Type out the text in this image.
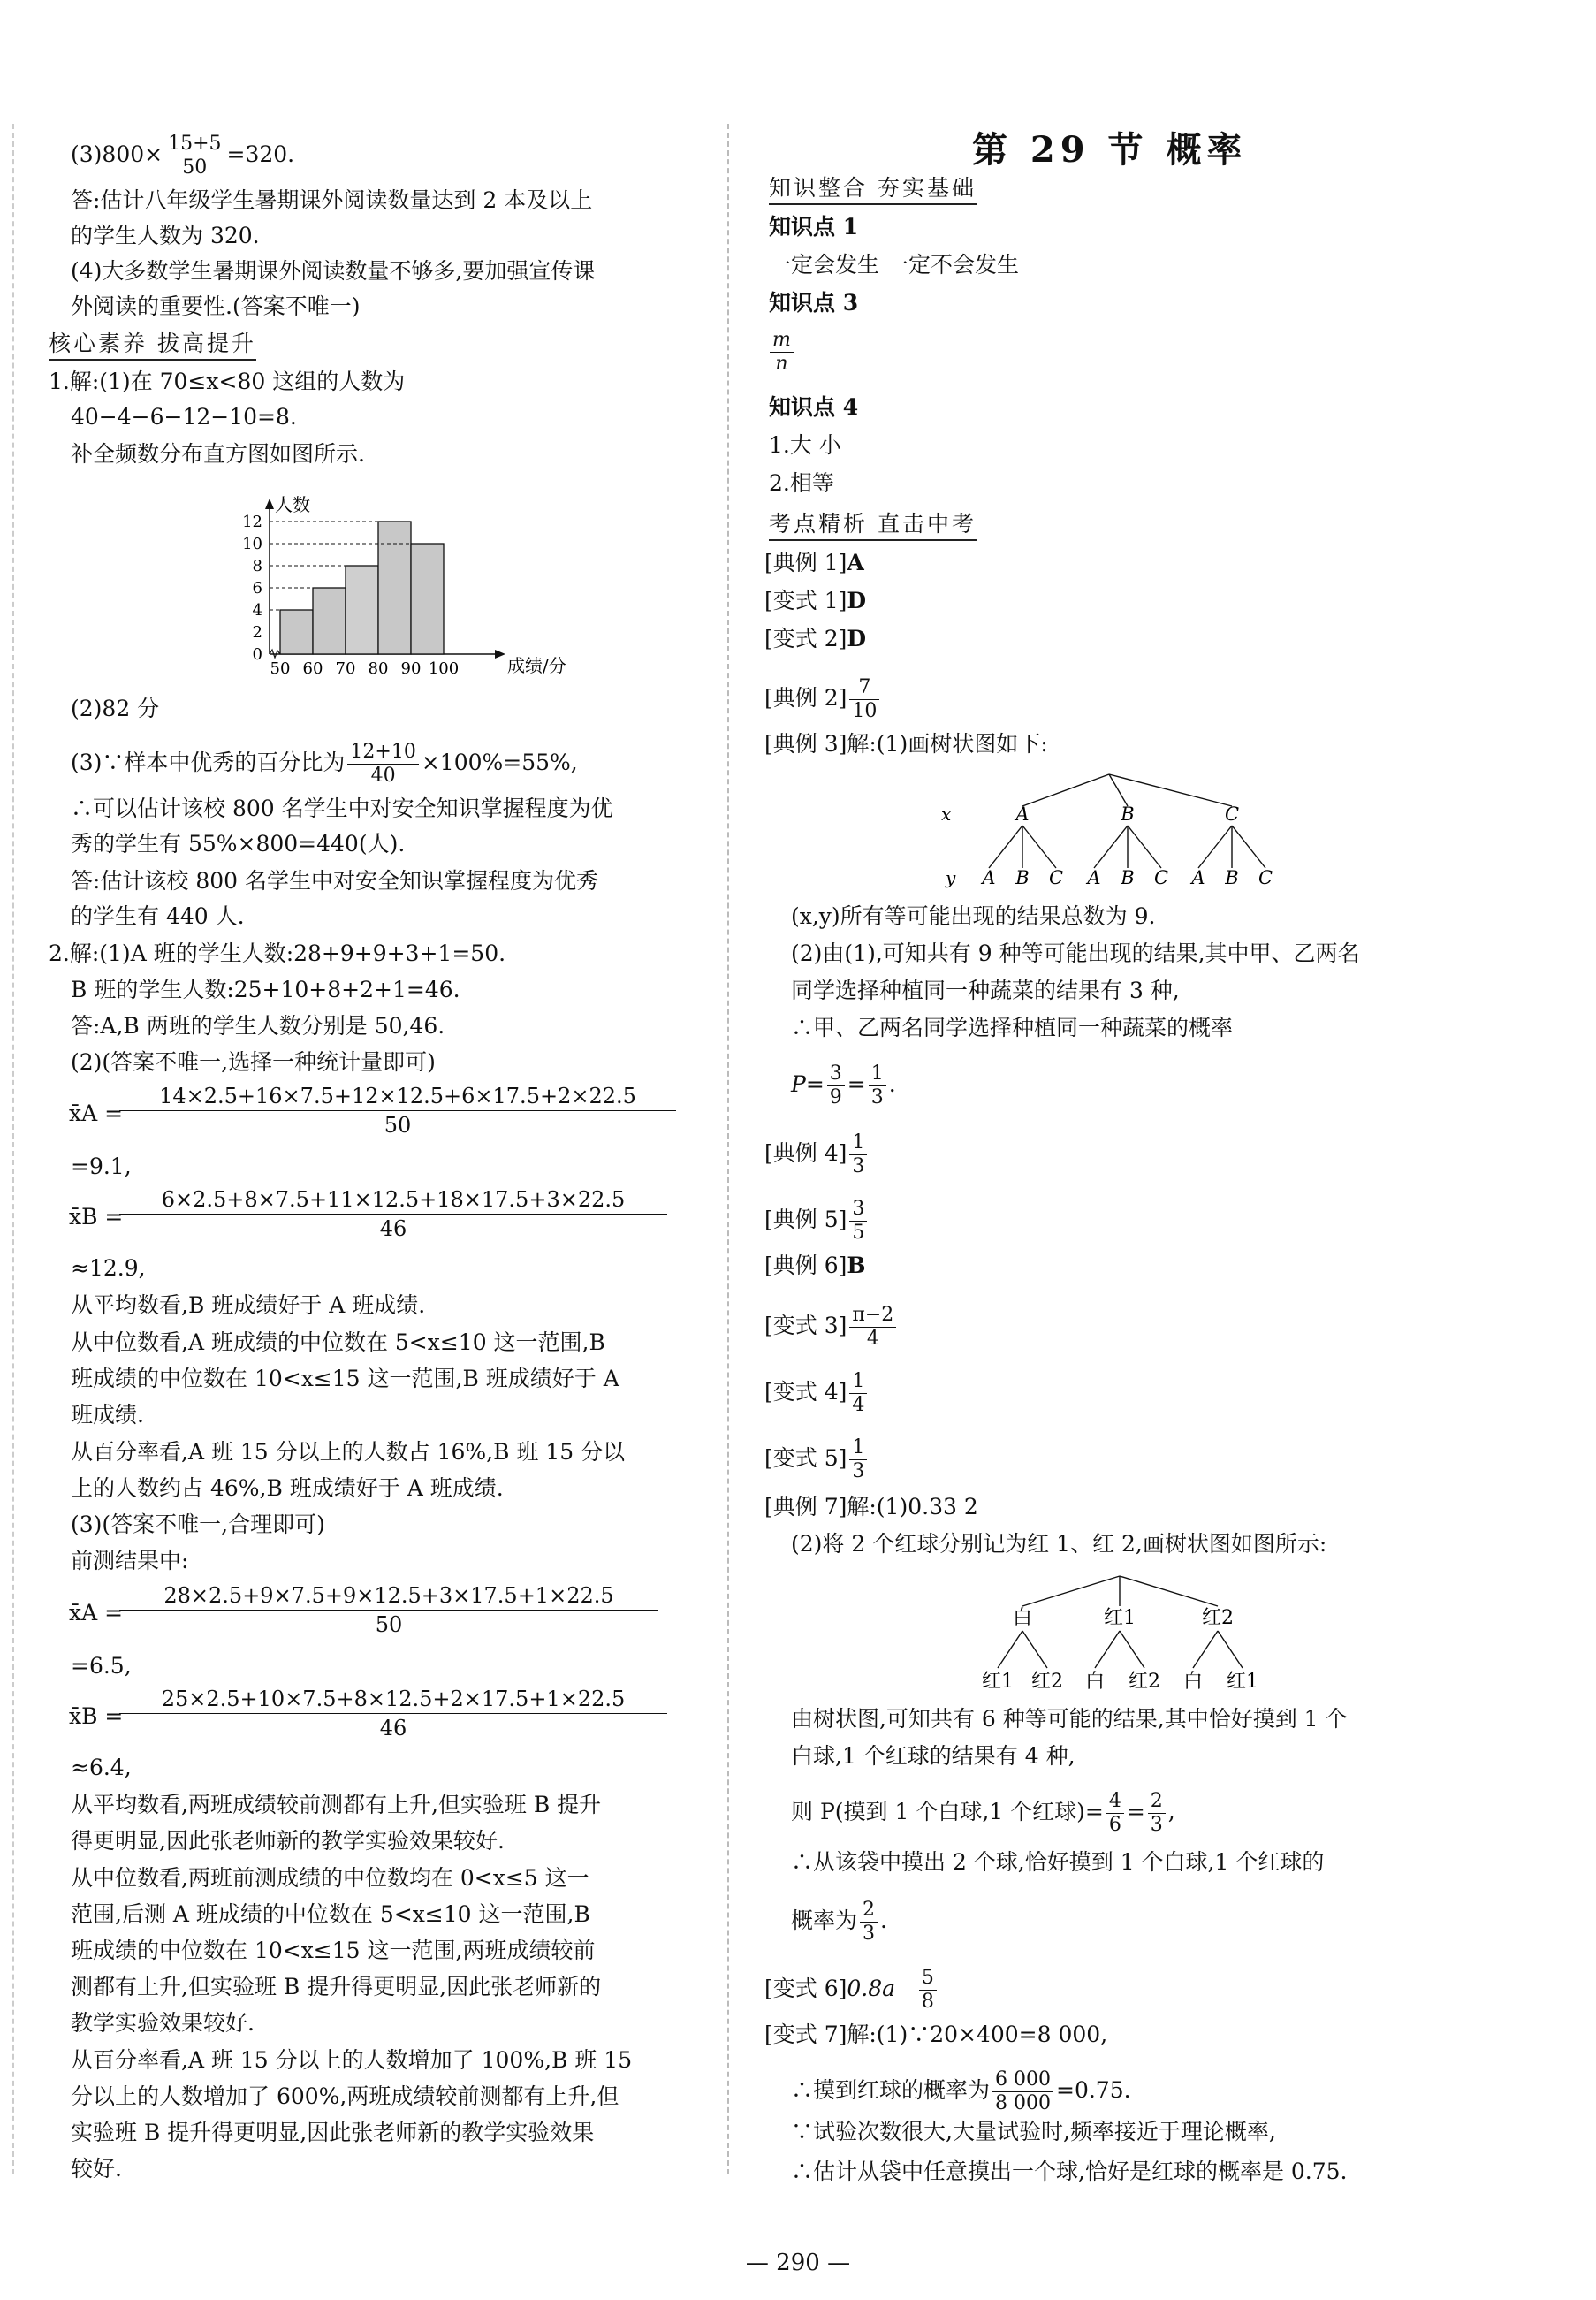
$(3)800\times \frac{15+5}{50} =320$.
答:估计八年级学生暑期课外阅读数量达到 2 本及以上
的学生人数为 320.
(4)大多数学生暑期课外阅读数量不够多,要加强宣传课
外阅读的重要性.(答案不唯一)
核心素养 拔高提升
1.解:(1)在 70≤x<80 这组的人数为
40−4−6−12−10=8.
补全频数分布直方图如图所示.
0
2
4
6
8
10
12
50 60 70 80 90 100
人数
成绩/分
(2)82 分
(3)∵样本中优秀的百分比为 $\frac{12+10}{40} \times 100\%=55\%$,
∴可以估计该校 800 名学生中对安全知识掌握程度为优
秀的学生有 55%×800=440(人).
答:估计该校 800 名学生中对安全知识掌握程度为优秀
的学生有 440 人.
2.解:(1)A 班的学生人数:28+9+9+3+1=50.
B 班的学生人数:25+10+8+2+1=46.
答:A,B 两班的学生人数分别是 50,46.
(2)(答案不唯一,选择一种统计量即可)
x̄A =
14×2.5+16×7.5+12×12.5+6×17.5+2×22.5
50
=9.1,
x̄B =
6×2.5+8×7.5+11×12.5+18×17.5+3×22.5
46
≈12.9,
从平均数看,B 班成绩好于 A 班成绩.
从中位数看,A 班成绩的中位数在 5<x≤10 这一范围,B
班成绩的中位数在 10<x≤15 这一范围,B 班成绩好于 A
班成绩.
从百分率看,A 班 15 分以上的人数占 16%,B 班 15 分以
上的人数约占 46%,B 班成绩好于 A 班成绩.
(3)(答案不唯一,合理即可)
前测结果中:
x̄A =
28×2.5+9×7.5+9×12.5+3×17.5+1×22.5
50
=6.5,
x̄B =
25×2.5+10×7.5+8×12.5+2×17.5+1×22.5
46
≈6.4,
从平均数看,两班成绩较前测都有上升,但实验班 B 提升
得更明显,因此张老师新的教学实验效果较好.
从中位数看,两班前测成绩的中位数均在 0<x≤5 这一
范围,后测 A 班成绩的中位数在 5<x≤10 这一范围,B
班成绩的中位数在 10<x≤15 这一范围,两班成绩较前
测都有上升,但实验班 B 提升得更明显,因此张老师新的
教学实验效果较好.
从百分率看,A 班 15 分以上的人数增加了 100%,B 班 15
分以上的人数增加了 600%,两班成绩较前测都有上升,但
实验班 B 提升得更明显,因此张老师新的教学实验效果
较好.
第 29 节 概率
知识整合 夯实基础
知识点 1
一定会发生 一定不会发生
知识点 3
$\frac{m}{n}$
知识点 4
1.大 小
2.相等
考点精析 直击中考
[典例 1]A
[变式 1]D
[变式 2]D
[典例 $2] \frac{7}{10}$
[典例 3]解:(1)画树状图如下:
A
A B C
B
A B C
C
A B C
x
y
(x,y)所有等可能出现的结果总数为 9.
(2)由(1),可知共有 9 种等可能出现的结果,其中甲、乙两名
同学选择种植同一种蔬菜的结果有 3 种,
∴甲、乙两名同学选择种植同一种蔬菜的概率
$P= \frac{3}{9} = \frac{1}{3}$ .
[典例 $4] \frac{1}{3}$
[典例 $5] \frac{3}{5}$
[典例 6]B
[变式 $3] \frac{\pi-2}{4}$
[变式 $4] \frac{1}{4}$
[变式 $5] \frac{1}{3}$
[典例 7]解:(1)0.33 2
(2)将 2 个红球分别记为红 1、红 2,画树状图如图所示:
白
红1 红2
红1
白 红2
红2
白 红1
由树状图,可知共有 6 种等可能的结果,其中恰好摸到 1 个
白球,1 个红球的结果有 4 种,
则 P(摸到 1 个白球,1 个红球)= $\frac{4}{6} = \frac{2}{3}$ ,
∴从该袋中摸出 2 个球,恰好摸到 1 个白球,1 个红球的
概率为 $\frac{2}{3}$ .
[变式 $6]0.8a \frac{5}{8}$
[变式 7]解:(1)∵20×400=8 000,
∴摸到红球的概率为 $\frac{6 000}{8 000} =0.75$.
∵试验次数很大,大量试验时,频率接近于理论概率,
∴估计从袋中任意摸出一个球,恰好是红球的概率是 0.75.
— 290 —
